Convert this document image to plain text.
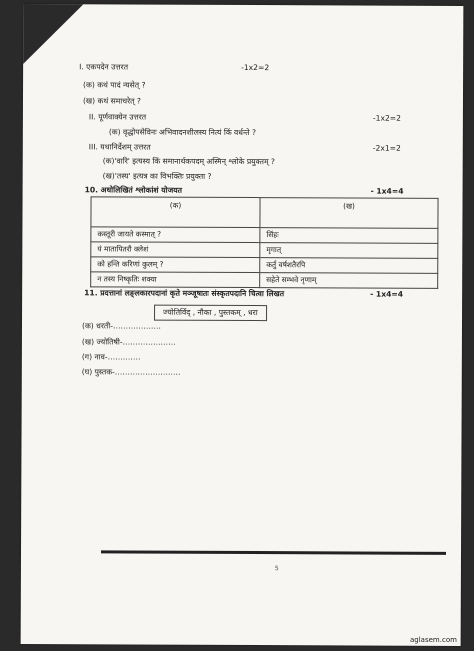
I. एकपदेन उत्तरत	-1x2=2
(क) कथं पादं न्यसेत् ?
(ख) कथं समाचरेत् ?
II. पूर्णवाक्येन उत्तरत	-1x2=2
(क) वृद्धोपसेविनः अभिवादनशीलस्य नित्यं किं वर्धन्ते ?
III. यथानिर्देशम् उत्तरत	-2x1=2
(क)'वारि' इत्यस्य किं समानार्थकपदम् अस्मिन् श्लोके प्रयुक्तम् ?
(ख)'तस्य' इत्यत्र का विभक्तिः प्रयुक्ता ?
10. अधोलिखितं श्लोकांशं योजयत	- 1x4=4
(क)	(ख)
कस्तूरी जायते कस्मात् ?	सिंहः
यं मातापितरौ क्लेशं	मृगात्
को हन्ति करिणां कुलम् ?	कर्तुं वर्षशतैरपि
न तस्य निष्कृतिः शक्या	सहेते सम्भवे नृणाम्
11. प्रदत्तानां लङ्लकारपदानां कृते मञ्जूषातः संस्कृतपदानि चित्वा लिखत	- 1x4=4
ज्योतिर्विद् , नौका , पुस्तकम् , धरा
(क) धरती-……………….
(ख) ज्योतिषी-…………………
(ग) नाव-………….
(घ) पुस्तक-……………………..
5
aglasem.com
